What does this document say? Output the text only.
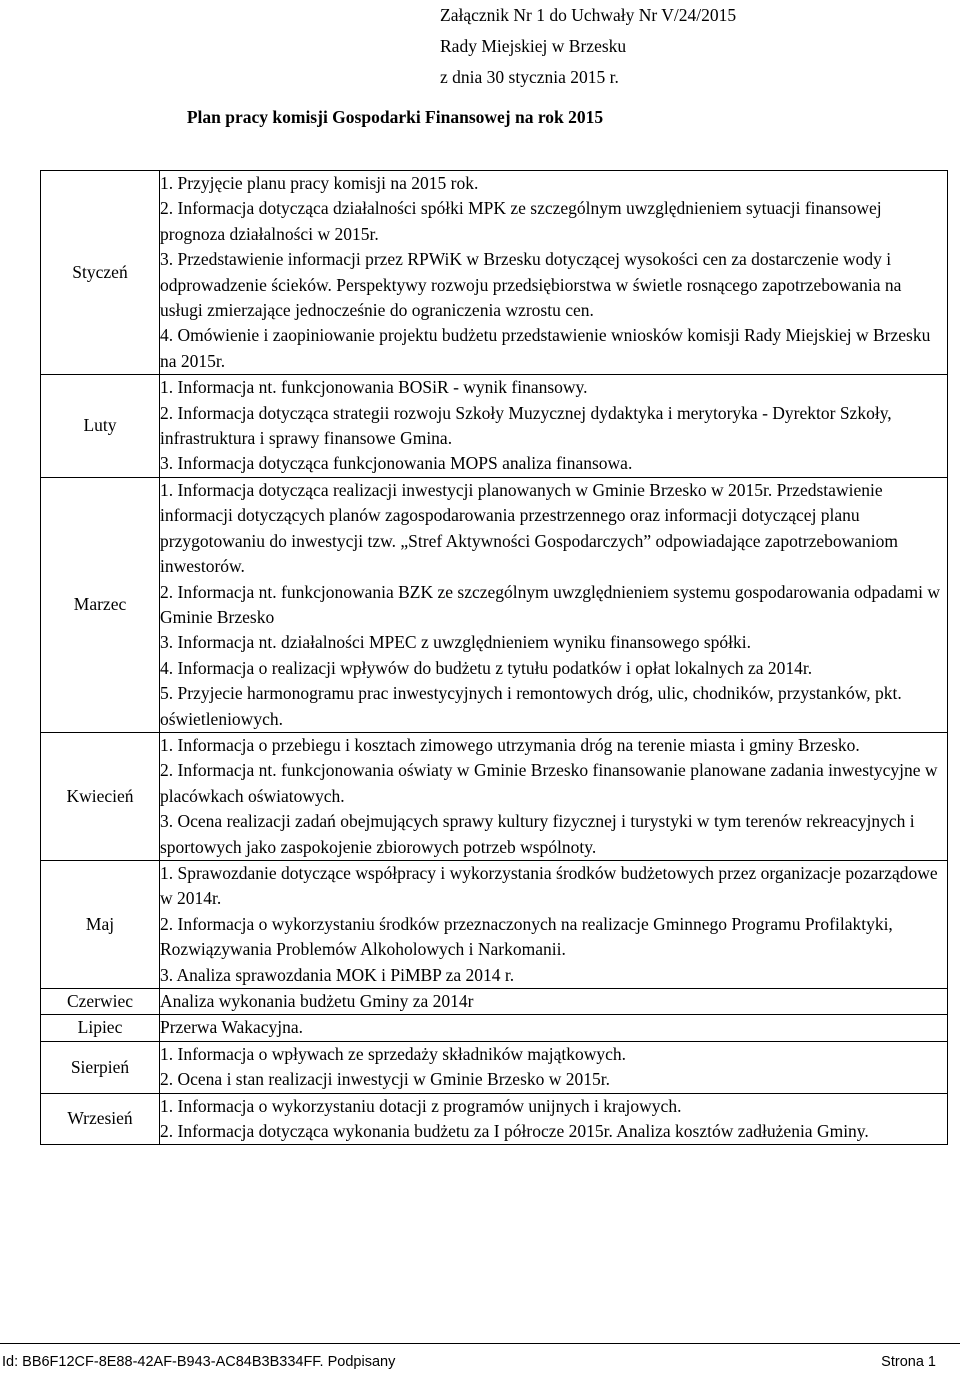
Załącznik Nr 1 do Uchwały Nr V/24/2015
Rady Miejskiej w Brzesku
z dnia 30 stycznia 2015 r.
Plan pracy komisji Gospodarki Finansowej na rok 2015
Styczeń	1. Przyjęcie planu pracy komisji na 2015 rok.
2. Informacja dotycząca działalności spółki MPK ze szczególnym uwzględnieniem sytuacji finansowej prognoza działalności w 2015r.
3. Przedstawienie informacji przez RPWiK w Brzesku dotyczącej wysokości cen za dostarczenie wody i odprowadzenie ścieków. Perspektywy rozwoju przedsiębiorstwa w świetle rosnącego zapotrzebowania na usługi zmierzające jednocześnie do ograniczenia wzrostu cen.
4. Omówienie i zaopiniowanie projektu budżetu przedstawienie wniosków komisji Rady Miejskiej w Brzesku na 2015r.

Luty	1. Informacja nt. funkcjonowania BOSiR - wynik finansowy.
2. Informacja dotycząca strategii rozwoju Szkoły Muzycznej dydaktyka i merytoryka - Dyrektor Szkoły, infrastruktura i sprawy finansowe Gmina.
3. Informacja dotycząca funkcjonowania MOPS analiza finansowa.

Marzec	1. Informacja dotycząca realizacji inwestycji planowanych w Gminie Brzesko w 2015r. Przedstawienie informacji dotyczących planów zagospodarowania przestrzennego oraz informacji dotyczącej planu przygotowaniu do inwestycji tzw. „Stref Aktywności Gospodarczych” odpowiadające zapotrzebowaniom inwestorów.
2. Informacja nt. funkcjonowania BZK ze szczególnym uwzględnieniem systemu gospodarowania odpadami w Gminie Brzesko
3. Informacja nt. działalności MPEC z uwzględnieniem wyniku finansowego spółki.
4. Informacja o realizacji wpływów do budżetu z tytułu podatków i opłat lokalnych za 2014r.
5. Przyjecie harmonogramu prac inwestycyjnych i remontowych dróg, ulic, chodników, przystanków, pkt. oświetleniowych.

Kwiecień	1. Informacja o przebiegu i kosztach zimowego utrzymania dróg na terenie miasta i gminy Brzesko.
2. Informacja nt. funkcjonowania oświaty w Gminie Brzesko finansowanie planowane zadania inwestycyjne w placówkach oświatowych.
3. Ocena realizacji zadań obejmujących sprawy kultury fizycznej i turystyki w tym terenów rekreacyjnych i sportowych jako zaspokojenie zbiorowych potrzeb wspólnoty.

Maj	1. Sprawozdanie dotyczące współpracy i wykorzystania środków budżetowych przez organizacje pozarządowe w 2014r.
2. Informacja o wykorzystaniu środków przeznaczonych na realizacje Gminnego Programu Profilaktyki, Rozwiązywania Problemów Alkoholowych i Narkomanii.
3. Analiza sprawozdania MOK i PiMBP za 2014 r.

Czerwiec	Analiza wykonania budżetu Gminy za 2014r

Lipiec	Przerwa Wakacyjna.

Sierpień	1. Informacja o wpływach ze sprzedaży składników majątkowych.
2. Ocena i stan realizacji inwestycji w Gminie Brzesko w 2015r.

Wrzesień	1. Informacja o wykorzystaniu dotacji z programów unijnych i krajowych.
2. Informacja dotycząca wykonania budżetu za I półrocze 2015r. Analiza kosztów zadłużenia Gminy.
Id: BB6F12CF-8E88-42AF-B943-AC84B3B334FF. Podpisany	Strona 1
